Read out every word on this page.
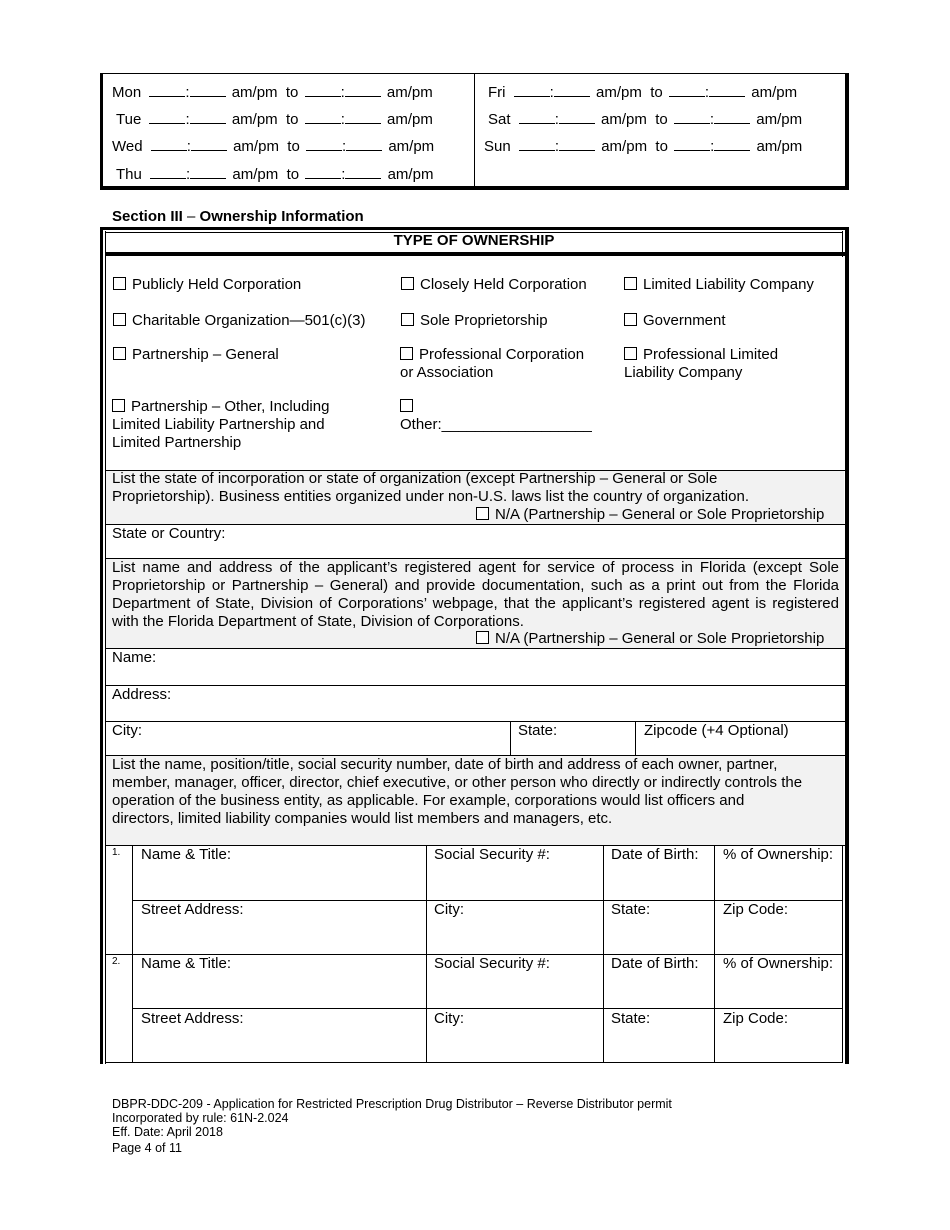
Mon	:	am/pm to	:	am/pm
Tue	:	am/pm to	:	am/pm
Wed	:	am/pm to	:	am/pm
Thu	:	am/pm to	:	am/pm
Fri	:	am/pm to	:	am/pm
Sat	:	am/pm to	:	am/pm
Sun	:	am/pm to	:	am/pm
Section III – Ownership Information
TYPE OF OWNERSHIP
Publicly Held Corporation	Closely Held Corporation	Limited Liability Company
Charitable Organization—501(c)(3)	Sole Proprietorship	Government
Partnership – General	Professional Corporation
or Association
Professional Limited
Liability Company
Partnership – Other, Including
Limited Liability Partnership and
Limited Partnership
Other:__________________
List the state of incorporation or state of organization (except Partnership – General or Sole
Proprietorship). Business entities organized under non-U.S. laws list the country of organization.
N/A (Partnership – General or Sole Proprietorship
State or Country:
List name and address of the applicant’s registered agent for service of process in Florida (except Sole Proprietorship or Partnership – General) and provide documentation, such as a print out from the Florida Department of State, Division of Corporations’ webpage, that the applicant’s registered agent is registered with the Florida Department of State, Division of Corporations.
N/A (Partnership – General or Sole Proprietorship
Name:
Address:
City:	State:	Zipcode (+4 Optional)
List the name, position/title, social security number, date of birth and address of each owner, partner,
member, manager, officer, director, chief executive, or other person who directly or indirectly controls the
operation of the business entity, as applicable. For example, corporations would list officers and
directors, limited liability companies would list members and managers, etc.
1. Name & Title:	Social Security #:	Date of Birth: % of Ownership:
Street Address:	City:	State:	Zip Code:
2. Name & Title:	Social Security #:	Date of Birth: % of Ownership:
Street Address:	City:	State:	Zip Code:
DBPR-DDC-209 - Application for Restricted Prescription Drug Distributor – Reverse Distributor permit
Incorporated by rule: 61N-2.024
Eff. Date: April 2018
Page 4 of 11
